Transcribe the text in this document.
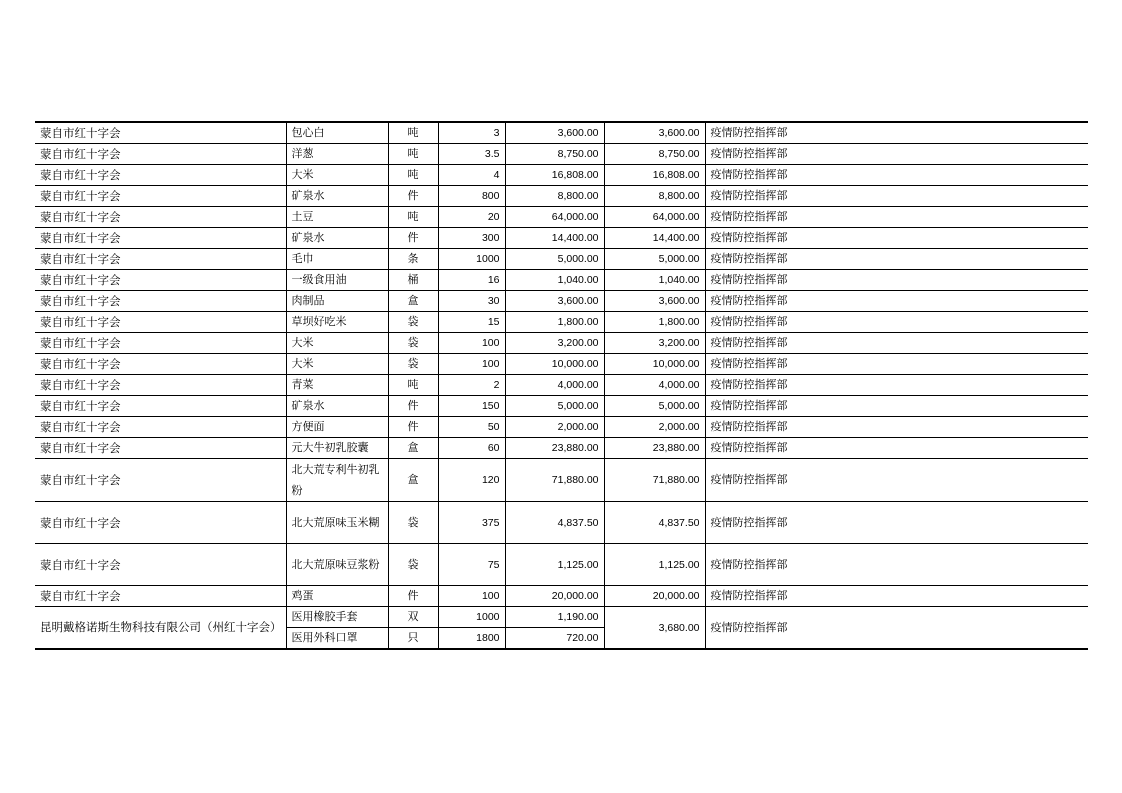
蒙自市红十字会	包心白	吨	3	3,600.00	3,600.00	疫情防控指挥部
蒙自市红十字会	洋葱	吨	3.5	8,750.00	8,750.00	疫情防控指挥部
蒙自市红十字会	大米	吨	4	16,808.00	16,808.00	疫情防控指挥部
蒙自市红十字会	矿泉水	件	800	8,800.00	8,800.00	疫情防控指挥部
蒙自市红十字会	土豆	吨	20	64,000.00	64,000.00	疫情防控指挥部
蒙自市红十字会	矿泉水	件	300	14,400.00	14,400.00	疫情防控指挥部
蒙自市红十字会	毛巾	条	1000	5,000.00	5,000.00	疫情防控指挥部
蒙自市红十字会	一级食用油	桶	16	1,040.00	1,040.00	疫情防控指挥部
蒙自市红十字会	肉制品	盒	30	3,600.00	3,600.00	疫情防控指挥部
蒙自市红十字会	草坝好吃米	袋	15	1,800.00	1,800.00	疫情防控指挥部
蒙自市红十字会	大米	袋	100	3,200.00	3,200.00	疫情防控指挥部
蒙自市红十字会	大米	袋	100	10,000.00	10,000.00	疫情防控指挥部
蒙自市红十字会	青菜	吨	2	4,000.00	4,000.00	疫情防控指挥部
蒙自市红十字会	矿泉水	件	150	5,000.00	5,000.00	疫情防控指挥部
蒙自市红十字会	方便面	件	50	2,000.00	2,000.00	疫情防控指挥部
蒙自市红十字会	元大牛初乳胶囊	盒	60	23,880.00	23,880.00	疫情防控指挥部
蒙自市红十字会	北大荒专利牛初乳粉	盒	120	71,880.00	71,880.00	疫情防控指挥部
蒙自市红十字会	北大荒原味玉米糊	袋	375	4,837.50	4,837.50	疫情防控指挥部
蒙自市红十字会	北大荒原味豆浆粉	袋	75	1,125.00	1,125.00	疫情防控指挥部
蒙自市红十字会	鸡蛋	件	100	20,000.00	20,000.00	疫情防控指挥部
昆明戴格诺斯生物科技有限公司（州红十字会）	医用橡胶手套	双	1000	1,190.00	3,680.00	疫情防控指挥部
	医用外科口罩	只	1800	720.00		
